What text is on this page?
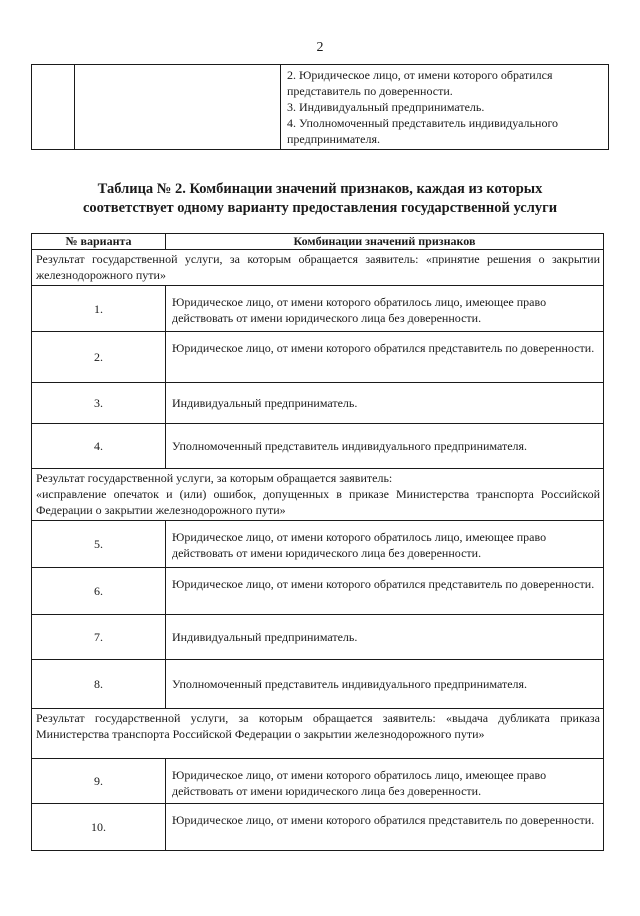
2

2. Юридическое лицо, от имени которого обратился
представитель по доверенности.
3. Индивидуальный предприниматель.
4. Уполномоченный представитель индивидуального
предпринимателя.
Таблица № 2. Комбинации значений признаков, каждая из которых
соответствует одному варианту предоставления государственной услуги
№ варианта	Комбинации значений признаков
Результат государственной услуги, за которым обращается заявитель: «принятие решения о закрытии железнодорожного пути»	
1.	Юридическое лицо, от имени которого обратилось лицо, имеющее право действовать от имени юридического лица без доверенности.
2.	Юридическое лицо, от имени которого обратился представитель по доверенности.
3.	Индивидуальный предприниматель.
4.	Уполномоченный представитель индивидуального предпринимателя.

Результат государственной услуги, за которым обращается заявитель:
«исправление опечаток и (или) ошибок, допущенных в приказе Министерства транспорта Российской Федерации о закрытии железнодорожного пути»	

5.	Юридическое лицо, от имени которого обратилось лицо, имеющее право действовать от имени юридического лица без доверенности.
6.	Юридическое лицо, от имени которого обратился представитель по доверенности.
7.	Индивидуальный предприниматель.
8.	Уполномоченный представитель индивидуального предпринимателя.
Результат государственной услуги, за которым обращается заявитель: «выдача дубликата приказа Министерства транспорта Российской Федерации о закрытии железнодорожного пути»	
9.	Юридическое лицо, от имени которого обратилось лицо, имеющее право действовать от имени юридического лица без доверенности.
10.	Юридическое лицо, от имени которого обратился представитель по доверенности.
